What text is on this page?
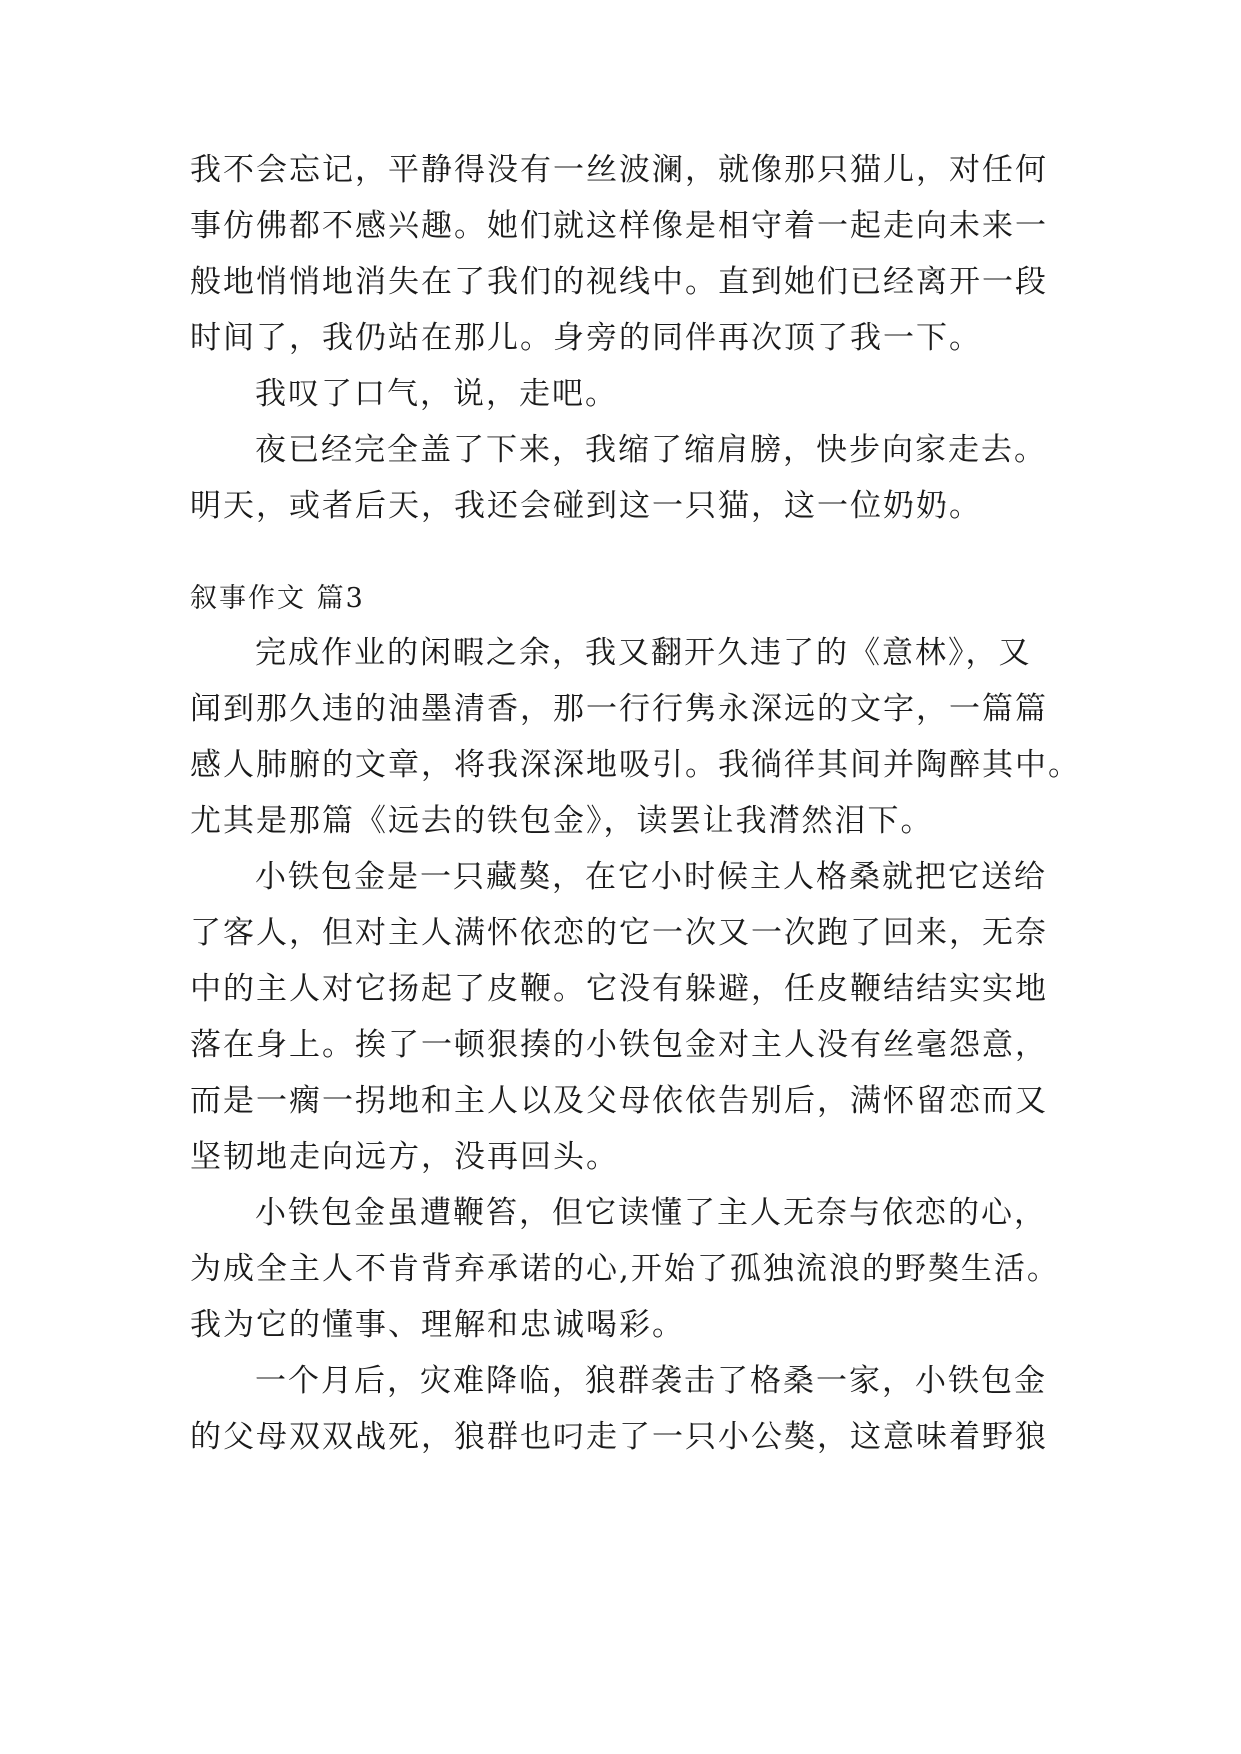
我不会忘记，平静得没有一丝波澜，就像那只猫儿，对任何
事仿佛都不感兴趣。她们就这样像是相守着一起走向未来一
般地悄悄地消失在了我们的视线中。直到她们已经离开一段
时间了，我仍站在那儿。身旁的同伴再次顶了我一下。
我叹了口气，说，走吧。
夜已经完全盖了下来，我缩了缩肩膀，快步向家走去。
明天，或者后天，我还会碰到这一只猫，这一位奶奶。
叙事作文 篇3
完成作业的闲暇之余，我又翻开久违了的《意林》，又
闻到那久违的油墨清香，那一行行隽永深远的文字，一篇篇
感人肺腑的文章，将我深深地吸引。我徜徉其间并陶醉其中。
尤其是那篇《远去的铁包金》，读罢让我潸然泪下。
小铁包金是一只藏獒，在它小时候主人格桑就把它送给
了客人，但对主人满怀依恋的它一次又一次跑了回来，无奈
中的主人对它扬起了皮鞭。它没有躲避，任皮鞭结结实实地
落在身上。挨了一顿狠揍的小铁包金对主人没有丝毫怨意，
而是一瘸一拐地和主人以及父母依依告别后，满怀留恋而又
坚韧地走向远方，没再回头。
小铁包金虽遭鞭笞，但它读懂了主人无奈与依恋的心，
为成全主人不肯背弃承诺的心,开始了孤独流浪的野獒生活。
我为它的懂事、理解和忠诚喝彩。
一个月后，灾难降临，狼群袭击了格桑一家，小铁包金
的父母双双战死，狼群也叼走了一只小公獒，这意味着野狼
